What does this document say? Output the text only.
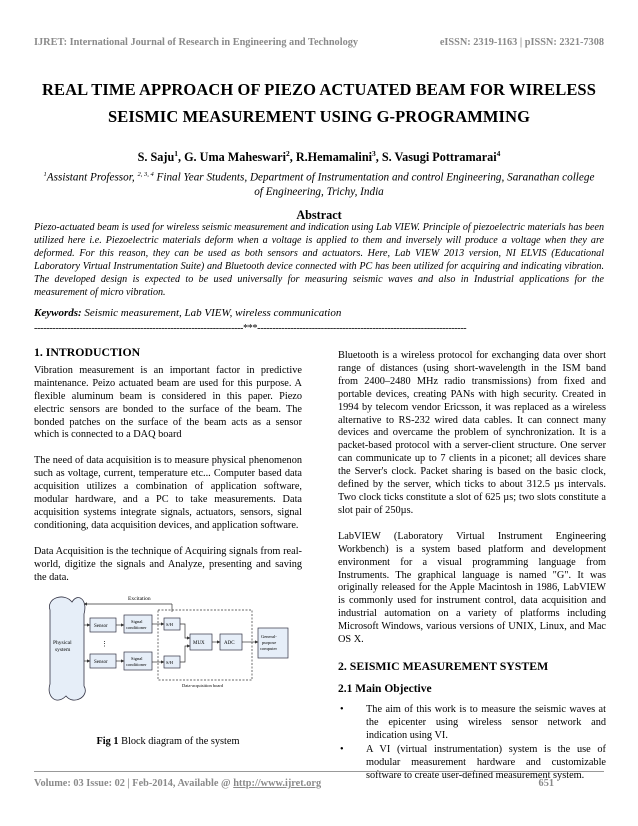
IJRET: International Journal of Research in Engineering and Technology	eISSN: 2319-1163 | pISSN: 2321-7308
REAL TIME APPROACH OF PIEZO ACTUATED BEAM FOR WIRELESS
SEISMIC MEASUREMENT USING G-PROGRAMMING
S. Saju$^1$, G. Uma Maheswari$^2$, R.Hemamalini$^3$, S. Vasugi Pottramarai$^4$
$^1$Assistant Professor, $^{2, 3, 4}$ Final Year Students, Department of Instrumentation and control Engineering, Saranathan college of Engineering, Trichy, India
Abstract
Piezo-actuated beam is used for wireless seismic measurement and indication using Lab VIEW. Principle of piezoelectric materials has been utilized here i.e. Piezoelectric materials deform when a voltage is applied to them and inversely will produce a voltage when they are deformed. For this reason, they can be used as both sensors and actuators. Here, Lab VIEW 2013 version, NI ELVIS (Educational Laboratory Virtual Instrumentation Suite) and Bluetooth device connected with PC has been utilized for acquiring and indicating vibration. The developed design is expected to be used universally for measuring seismic waves and also in Industrial applications for the measurement of micro vibration.
Keywords: Seismic measurement, Lab VIEW, wireless communication
---------------------------------------------------------------------***---------------------------------------------------------------------
1. INTRODUCTION

Vibration measurement is an important factor in predictive maintenance. Peizo actuated beam are used for this purpose. A flexible aluminum beam is considered in this paper. Piezo electric sensors are bonded to the surface of the beam. The bonded patches on the surface of the beam acts as a sensor which is connected to a DAQ board

The need of data acquisition is to measure physical phenomenon such as voltage, current, temperature etc... Computer based data acquisition utilizes a combination of application software, modular hardware, and a PC to take measurements. Data acquisition systems integrate signals, actuators, sensors, signal conditioning, data acquisition devices, and application software.

Data Acquisition is the technique of Acquiring signals from real-world, digitize the signals and Analyze, presenting and saving the data.

Physical
system
Excitation
Sensor
Sensor
Signal
conditioner
Signal
conditioner
⋮
S/H
S/H
MUX	ADC
General-
purpose
computer
Data-acquisition board
Fig 1 Block diagram of the system

Bluetooth is a wireless protocol for exchanging data over short range of distances (using short-wavelength in the ISM band from 2400–2480 MHz radio transmissions) from fixed and portable devices, creating PANs with high security. Created in 1994 by telecom vendor Ericsson, it was replaced as a wireless alternative to RS-232 wired data cables. It can connect many devices and overcame the problem of synchronization. It is a packet-based protocol with a server-client structure. One server can communicate up to 7 clients in a piconet; all devices share the Server's clock. Packet sharing is based on the basic clock, defined by the server, which ticks to about 312.5 µs intervals. Two clock ticks constitute a slot of 625 µs; two slots constitute a slot pair of 250µs.

LabVIEW (Laboratory Virtual Instrument Engineering Workbench) is a system based platform and development environment for a visual programming language from Instruments. The graphical language is named "G". It was originally released for the Apple Macintosh in 1986, LabVIEW is commonly used for instrument control, data acquisition and industrial automation on a variety of platforms including Microsoft Windows, various versions of UNIX, Linux, and Mac OS X.

2. SEISMIC MEASUREMENT SYSTEM
2.1 Main Objective
• The aim of this work is to measure the seismic waves at the epicenter using wireless sensor network and indication using VI.
• A VI (virtual instrumentation) system is the use of modular measurement hardware and customizable software to create user-defined measurement system.
Volume: 03 Issue: 02 | Feb-2014, Available @ http://www.ijret.org	651
